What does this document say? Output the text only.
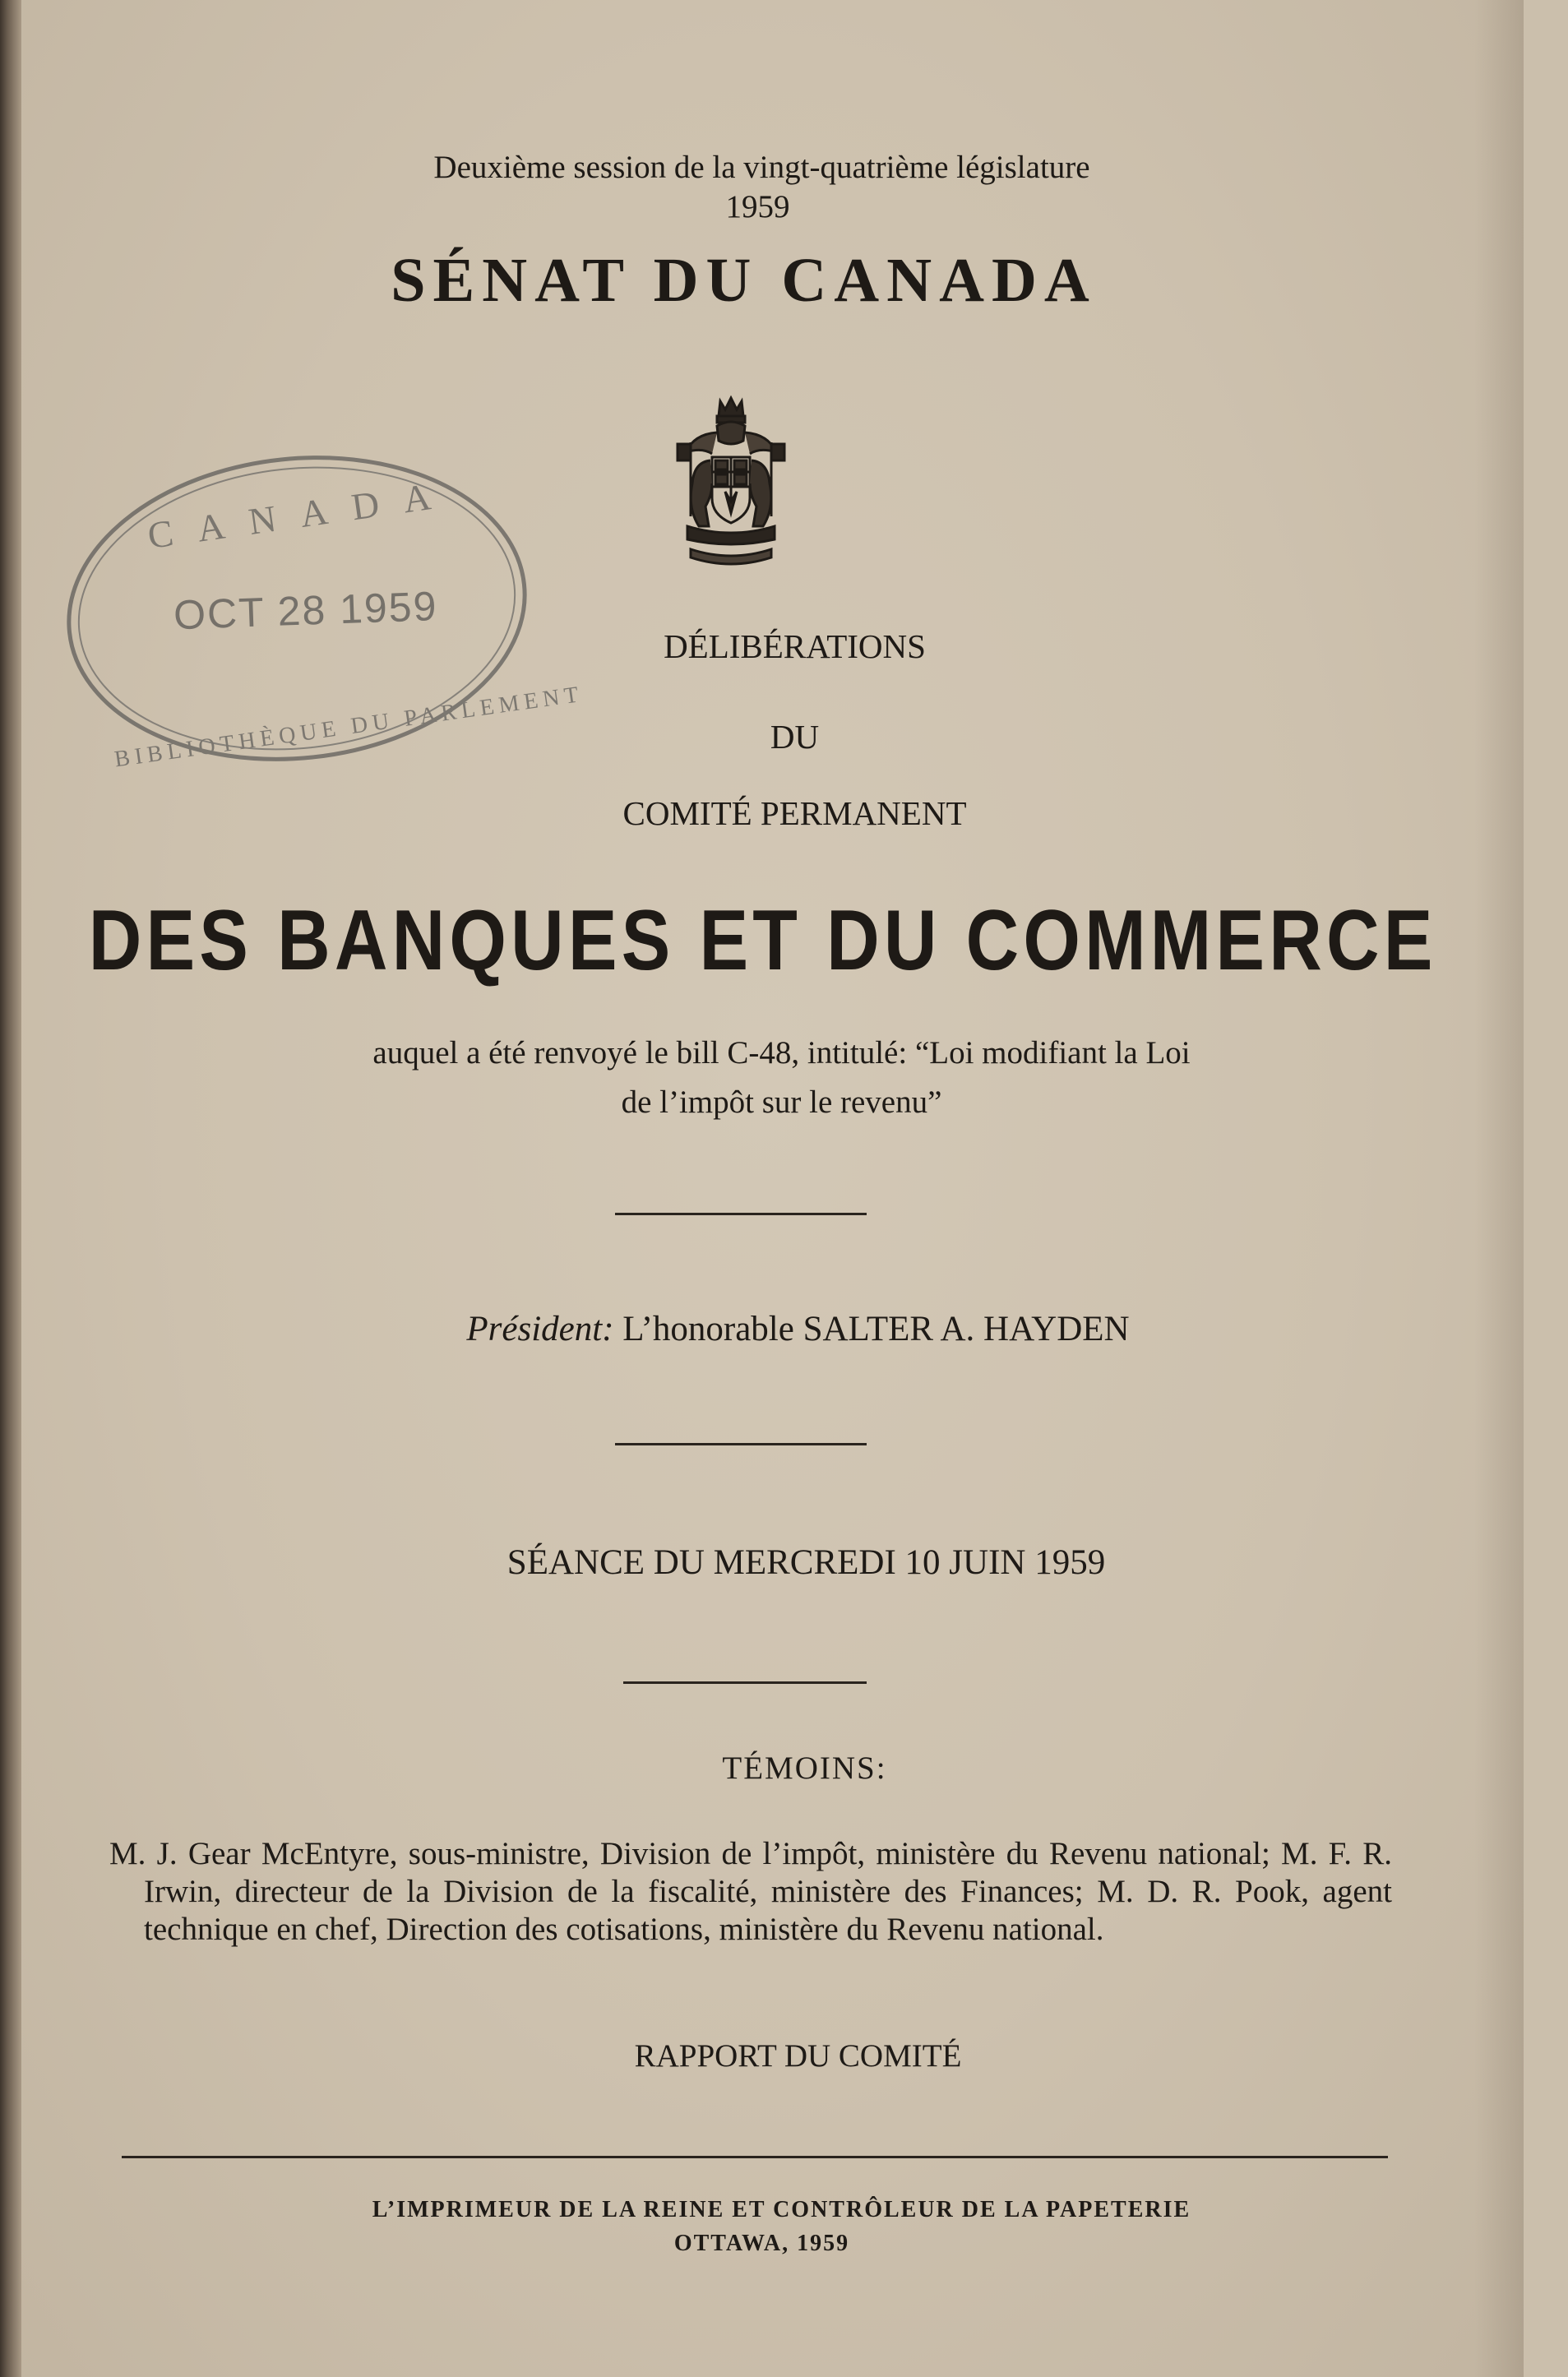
Deuxième session de la vingt-quatrième législature
1959
SÉNAT DU CANADA
CANADA
OCT 28 1959
BIBLIOTHÈQUE DU PARLEMENT
DÉLIBÉRATIONS
DU
COMITÉ PERMANENT
DES BANQUES ET DU COMMERCE
auquel a été renvoyé le bill C-48, intitulé: “Loi modifiant la Loi
de l’impôt sur le revenu”
Président: L’honorable SALTER A. HAYDEN
SÉANCE DU MERCREDI 10 JUIN 1959
TÉMOINS:
M. J. Gear McEntyre, sous-ministre, Division de l’impôt, ministère du Revenu national; M. F. R. Irwin, directeur de la Division de la fiscalité, ministère des Finances; M. D. R. Pook, agent technique en chef, Direction des cotisations, ministère du Revenu national.
RAPPORT DU COMITÉ
L’IMPRIMEUR DE LA REINE ET CONTRÔLEUR DE LA PAPETERIE
OTTAWA, 1959
